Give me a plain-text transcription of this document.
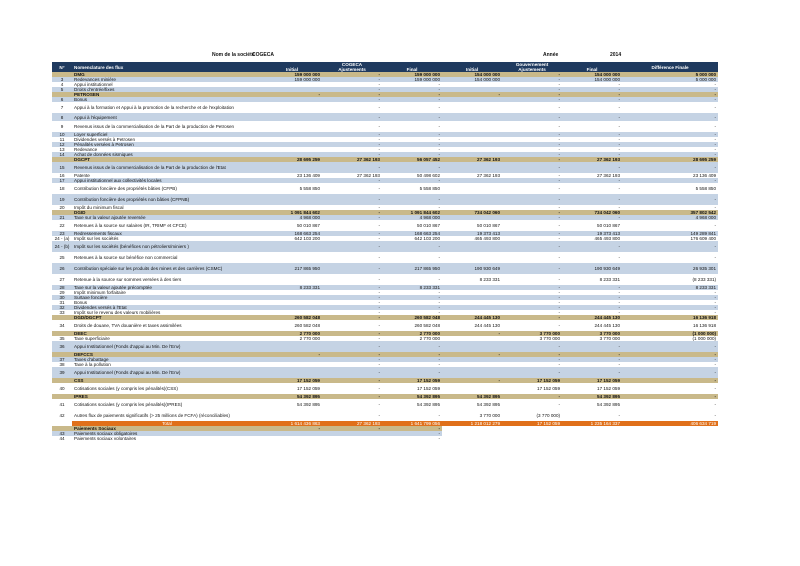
Nom de la société
COGECA	Année	2014
N°	Nomenclature des flux	COGECA			Gouvernement			Différence Finale
		Initial	Ajustements	Final	Initial	Ajustements	Final	
	DMG	159 000 000	-	159 000 000	154 000 000	-	154 000 000	5 000 000
3	Redevances minière	159 000 000	-	159 000 000	154 000 000	-	154 000 000	5 000 000
4	Appui institutionnel		-	-		-	-	-
5	Droits d'entrée/fixes		-	-		-	-	-
	PETROSEN	-	-	-	-	-	-	-
6	Bonus		-	-		-	-	-
7	Appui à la formation et Appui à la promotion de la recherche et de l'exploitation		-	-		-	-	-
8	Appui à l'équipement		-	-		-	-	-
9	Revenus issus de la commercialisation de la Part de la production de Petrosen		-	-		-	-	-
10	Loyer superficiel		-	-		-	-	-
11	Dividendes versés à Petrosen		-	-		-	-	-
12	Pénalités versées à Petrosen		-	-		-	-	-
13	Redevance		-	-		-	-	-
14	Achat de données sismiques		-	-		-	-	-
	DGCPT	28 695 259	27 362 193	56 057 452	27 362 193	-	27 362 193	28 695 259
15	Revenus issus de la commercialisation de la Part de la production de l'Etat		-	-		-	-	-
16	Patente	23 136 409	27 362 193	50 498 602	27 362 193	-	27 362 193	23 136 409
17	Appui institutionnel aux collectivités locales		-	-		-	-	-
18	Contribution foncière des propriétés bâties (CFPB)	5 558 850	-	5 558 850		-	-	5 558 850
19	Contribution foncière des propriétés non bâties (CFPNB)		-	-		-	-	-
20	Impôt du minimum fiscal		-	-		-	-	-
	DGID	1 091 844 602	-	1 091 844 602	734 042 060	-	734 042 060	357 802 542
21	Taxe sur la valeur ajoutée reversée	4 968 000	-	4 968 000		-	-	4 968 000
22	Retenues à la source sur salaires (IR, TRIMF et CFCE)	50 010 867	-	50 010 867	50 010 867	-	50 010 867	-
23	Redressements fiscaux	168 663 254	-	168 663 254	19 373 413	-	19 373 413	149 289 841
24 - (a)	Impôt sur les sociétés	642 103 200	-	642 103 200	465 493 800	-	465 493 800	176 609 400
24 - (b)	Impôt sur les sociétés (bénéfices non pétroliers/miniers )		-	-		-	-	-
25	Retenues à la source sur bénéfice non commercial		-	-		-	-	-
26	Contribution spéciale sur les produits des mines et des carrières (CSMC)	217 865 950	-	217 865 950	190 930 649	-	190 930 649	26 935 301
27	Retenue à la source sur sommes versées à des tiers		-	-	8 233 331	-	8 233 331	(8 233 331)
28	Taxe sur la valeur ajoutée précomptée	8 233 331	-	8 233 331		-	-	8 233 331
29	Impôt minimum forfaitaire		-	-		-	-	-
30	Surtaxe foncière		-	-		-	-	-
31	Bonus		-	-		-	-	-
32	Dividendes versés à l'Etat		-	-		-	-	-
33	Impôt sur le revenu des valeurs mobilières		-	-		-	-	-
	DGD/DGCPT	260 582 048	-	260 582 048	244 445 130	-	244 445 130	16 136 918
34	Droits de douane, TVA douanière et taxes assimilées	260 582 048	-	260 582 048	244 445 130	-	244 445 130	16 136 918
	DEEC	2 770 000	-	2 770 000	-	3 770 000	3 770 000	(1 000 000)
35	Taxe superficiaire	2 770 000	-	2 770 000		3 770 000	3 770 000	(1 000 000)
36	Appui Institutionnel (Fonds d'appui au Min. De l'Env)		-	-		-	-	-
	DEFCCS	-	-	-	-	-	-	-
37	Taxes d'abattage		-	-		-	-	-
38	Taxe à la pollution		-	-		-	-	-
39	Appui Institutionnel (Fonds d'appui au Min. De l'Env)		-	-		-	-	-
	CSS	17 152 059	-	17 152 059	-	17 152 059	17 152 059	-
40	Cotisations sociales (y compris les pénalités)(CSS)	17 152 059	-	17 152 059		17 152 059	17 152 059	-
	IPRES	54 392 895	-	54 392 895	54 392 895	-	54 392 895	-
41	Cotisations sociales (y compris les pénalités)(IPRES)	54 392 895	-	54 392 895	54 392 895	-	54 392 895	-
42	Autres flux de paiements significatifs (> 25 millions de FCFA) (réconciliables)		-	-	3 770 000	(3 770 000)	-	-
	Total	1 614 436 863	27 362 193	1 641 799 056	1 218 012 279	17 152 059	1 235 164 337	406 634 719
	Paiements Sociaux	-	-	-				
43	Paiements sociaux obligatoires			-				
44	Paiements sociaux volontaires			-				
